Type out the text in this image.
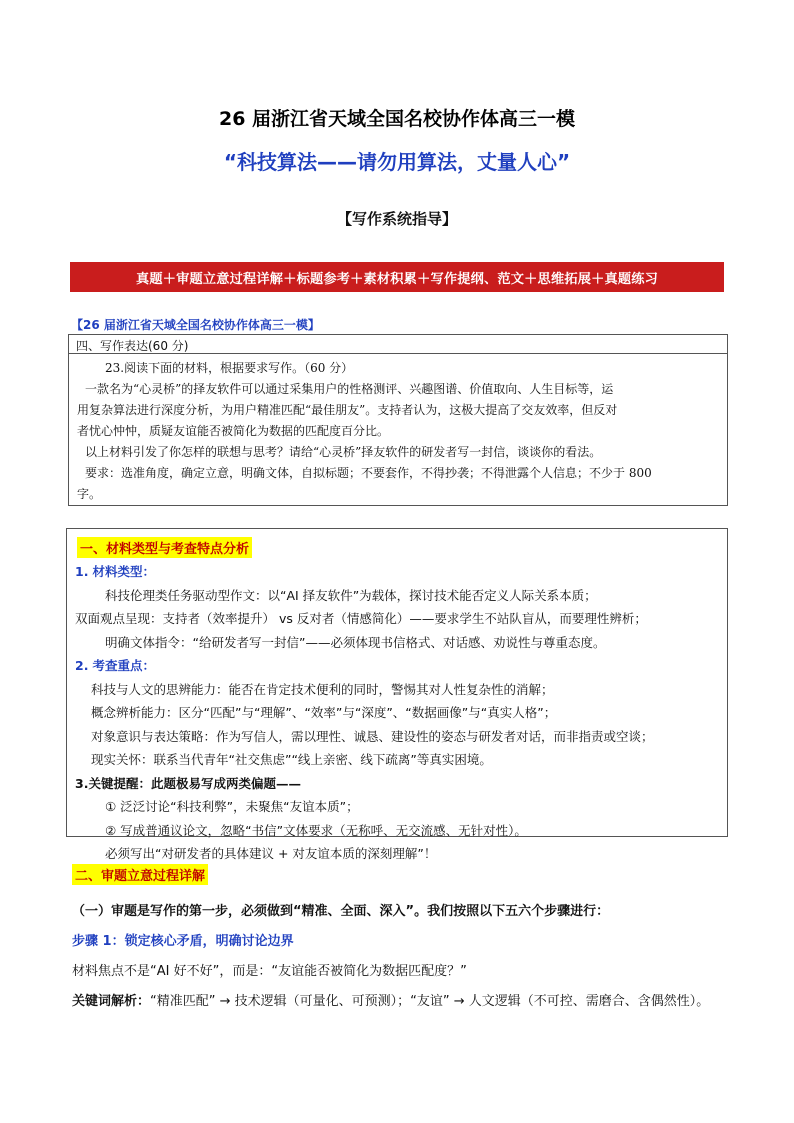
26 届浙江省天域全国名校协作体高三一模
“科技算法——请勿用算法，丈量人心”
【写作系统指导】
真题＋审题立意过程详解＋标题参考＋素材积累＋写作提纲、范文＋思维拓展＋真题练习
【26 届浙江省天域全国名校协作体高三一模】
四、写作表达(60 分)

23.阅读下面的材料，根据要求写作。（60 分）

一款名为“心灵桥”的择友软件可以通过采集用户的性格测评、兴趣图谱、价值取向、人生目标等，运

用复杂算法进行深度分析，为用户精准匹配“最佳朋友”。支持者认为，这极大提高了交友效率，但反对

者忧心忡忡，质疑友谊能否被简化为数据的匹配度百分比。

以上材料引发了你怎样的联想与思考？请给“心灵桥”择友软件的研发者写一封信，谈谈你的看法。

要求：选准角度，确定立意，明确文体，自拟标题；不要套作，不得抄袭；不得泄露个人信息；不少于 800

字。

一、材料类型与考查特点分析

1. 材料类型：

科技伦理类任务驱动型作文：以“AI 择友软件”为载体，探讨技术能否定义人际关系本质；

双面观点呈现：支持者（效率提升） vs 反对者（情感简化）——要求学生不站队盲从，而要理性辨析；

明确文体指令：“给研发者写一封信”——必须体现书信格式、对话感、劝说性与尊重态度。

2. 考查重点：

科技与人文的思辨能力：能否在肯定技术便利的同时，警惕其对人性复杂性的消解；

概念辨析能力：区分“匹配”与“理解”、“效率”与“深度”、“数据画像”与“真实人格”；

对象意识与表达策略：作为写信人，需以理性、诚恳、建设性的姿态与研发者对话，而非指责或空谈；

现实关怀：联系当代青年“社交焦虑”“线上亲密、线下疏离”等真实困境。

3.关键提醒：此题极易写成两类偏题——

① 泛泛讨论“科技利弊”，未聚焦“友谊本质”；

② 写成普通议论文，忽略“书信”文体要求（无称呼、无交流感、无针对性）。

必须写出“对研发者的具体建议 + 对友谊本质的深刻理解”！

二、审题立意过程详解

（一）审题是写作的第一步，必须做到“精准、全面、深入”。我们按照以下五六个步骤进行：

步骤 1：锁定核心矛盾，明确讨论边界

材料焦点不是“AI 好不好”，而是：“友谊能否被简化为数据匹配度？”

关键词解析：“精准匹配” → 技术逻辑（可量化、可预测）；“友谊” → 人文逻辑（不可控、需磨合、含偶然性）。
